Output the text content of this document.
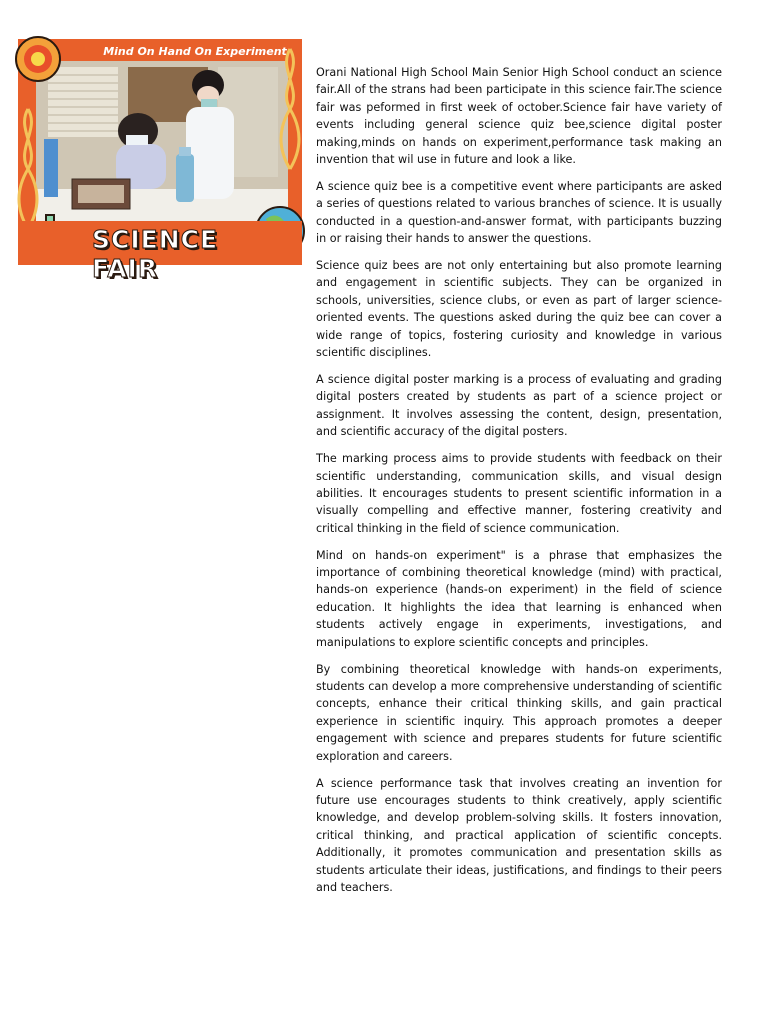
Mind On Hand On Experiment
SCIENCE FAIR

Orani National High School Main Senior High School conduct an science fair.All of the strans had been participate in this science fair.The science fair was peformed in first week of october.Science fair have variety of events including general science quiz bee,science digital poster making,minds on hands on experiment,performance task making an invention that wil use in future and look a like.

A science quiz bee is a competitive event where participants are asked a series of questions related to various branches of science. It is usually conducted in a question-and-answer format, with participants buzzing in or raising their hands to answer the questions.

Science quiz bees are not only entertaining but also promote learning and engagement in scientific subjects. They can be organized in schools, universities, science clubs, or even as part of larger science-oriented events. The questions asked during the quiz bee can cover a wide range of topics, fostering curiosity and knowledge in various scientific disciplines.

A science digital poster marking is a process of evaluating and grading digital posters created by students as part of a science project or assignment. It involves assessing the content, design, presentation, and scientific accuracy of the digital posters.

The marking process aims to provide students with feedback on their scientific understanding, communication skills, and visual design abilities. It encourages students to present scientific information in a visually compelling and effective manner, fostering creativity and critical thinking in the field of science communication.

Mind on hands-on experiment" is a phrase that emphasizes the importance of combining theoretical knowledge (mind) with practical, hands-on experience (hands-on experiment) in the field of science education. It highlights the idea that learning is enhanced when students actively engage in experiments, investigations, and manipulations to explore scientific concepts and principles.

By combining theoretical knowledge with hands-on experiments, students can develop a more comprehensive understanding of scientific concepts, enhance their critical thinking skills, and gain practical experience in scientific inquiry. This approach promotes a deeper engagement with science and prepares students for future scientific exploration and careers.

A science performance task that involves creating an invention for future use encourages students to think creatively, apply scientific knowledge, and develop problem-solving skills. It fosters innovation, critical thinking, and practical application of scientific concepts. Additionally, it promotes communication and presentation skills as students articulate their ideas, justifications, and findings to their peers and teachers.
